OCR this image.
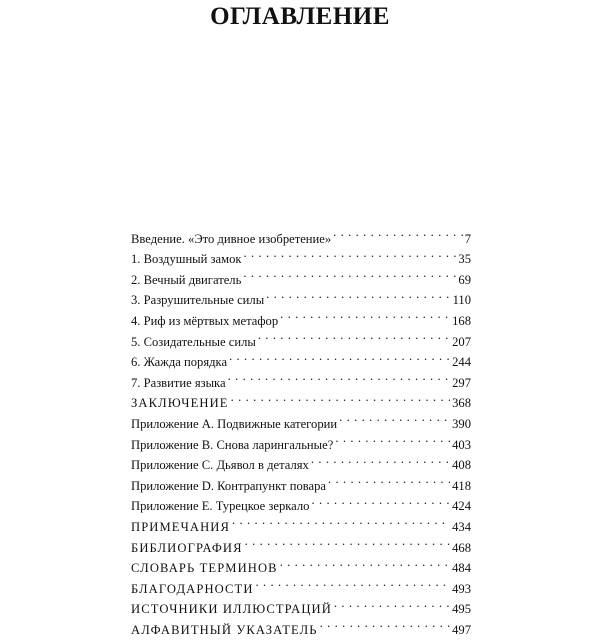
ОГЛАВЛЕНИЕ
Введение. «Это дивное изобретение» . . .	7
1. Воздушный замок . . .	35
2. Вечный двигатель . . .	69
3. Разрушительные силы . . .	110
4. Риф из мёртвых метафор . . .	168
5. Созидательные силы . . .	207
6. Жажда порядка . . .	244
7. Развитие языка . . .	297
ЗАКЛЮЧЕНИЕ . . .	368
Приложение A. Подвижные категории . . .	390
Приложение B. Снова ларингальные? . . .	403
Приложение C. Дьявол в деталях . . .	408
Приложение D. Контрапункт повара . . .	418
Приложение E. Турецкое зеркало . . .	424
ПРИМЕЧАНИЯ . . .	434
БИБЛИОГРАФИЯ . . .	468
СЛОВАРЬ ТЕРМИНОВ . . .	484
БЛАГОДАРНОСТИ . . .	493
ИСТОЧНИКИ ИЛЛЮСТРАЦИЙ . . .	495
АЛФАВИТНЫЙ УКАЗАТЕЛЬ . . .	497
